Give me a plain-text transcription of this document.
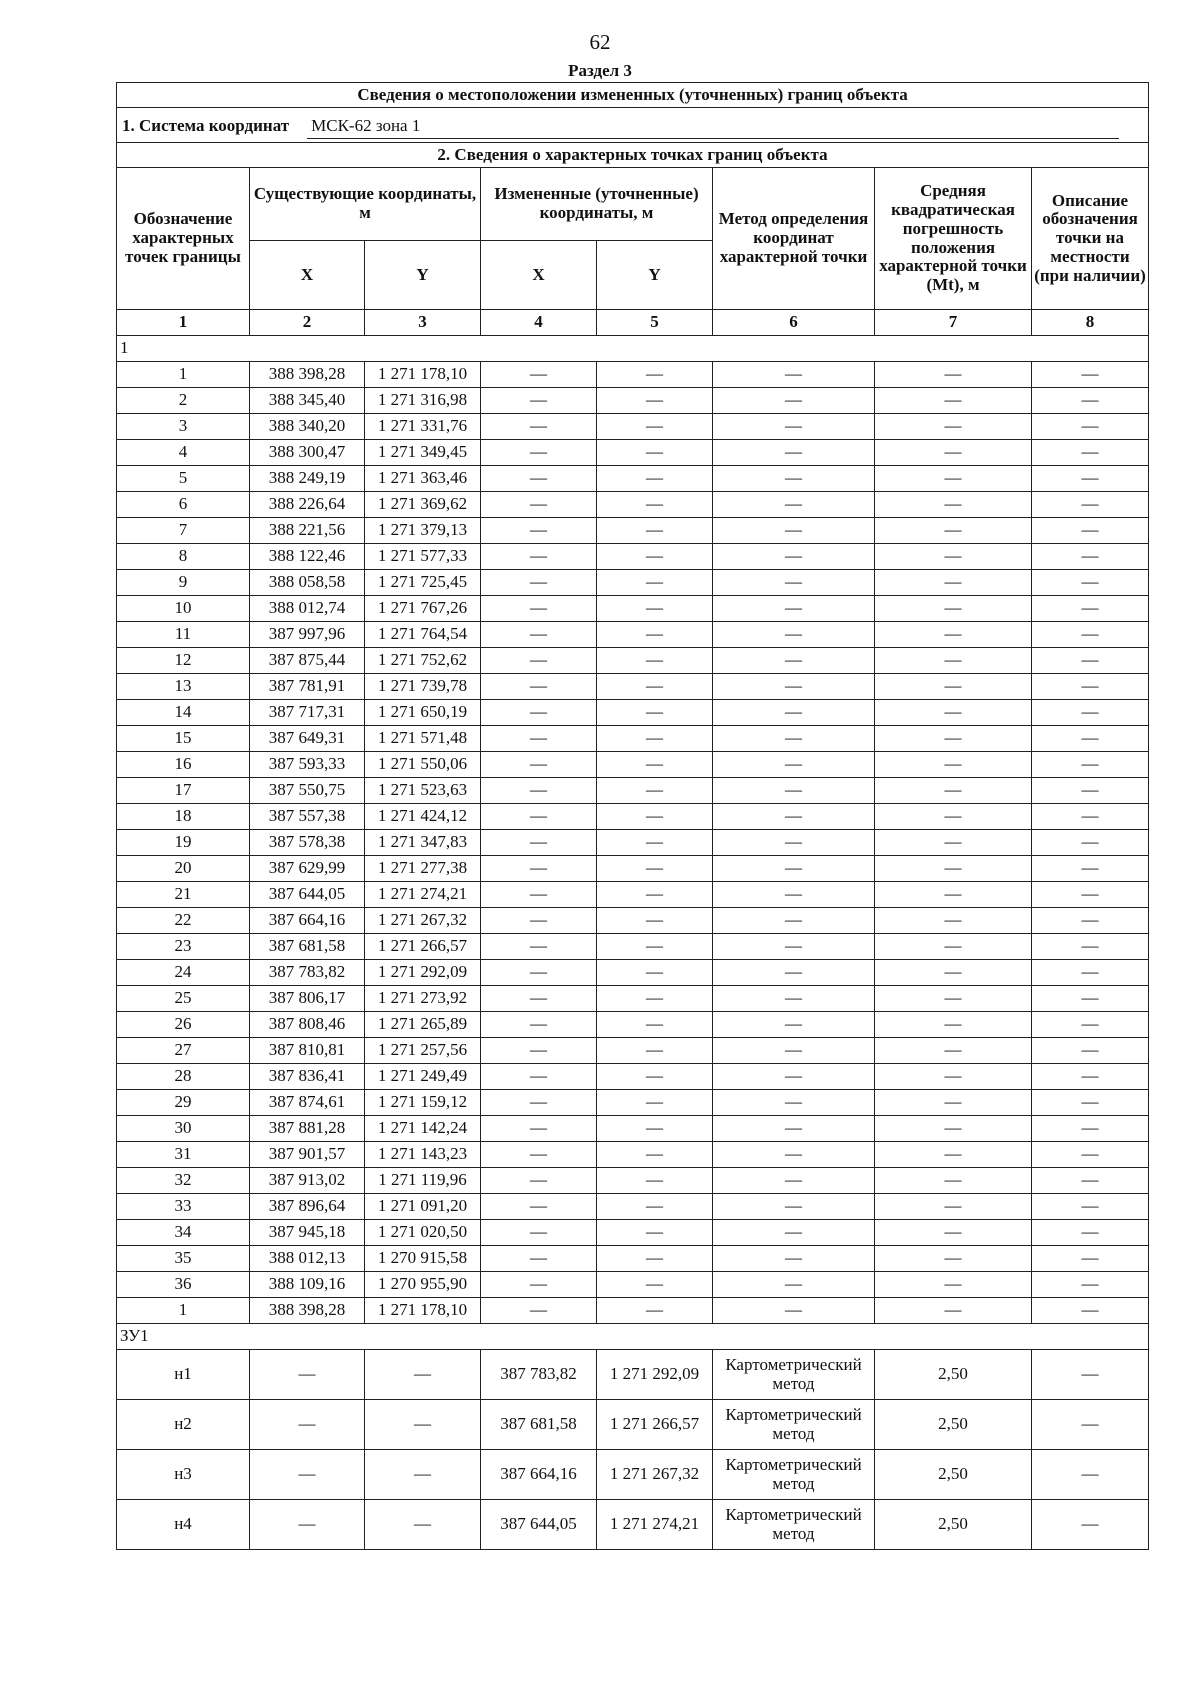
62
Раздел 3
Сведения о местоположении измененных (уточненных) границ объекта							
1. Система координат МСК-62 зона 1							
2. Сведения о характерных точках границ объекта							
Обозначение характерных точек границы	Существующие координаты, м		Измененные (уточненные) координаты, м		Метод определения координат характерной точки	Средняя квадратическая погрешность положения характерной точки (Mt), м	Описание обозначения точки на местности (при наличии)
	X	Y	X	Y			
1	2	3	4	5	6	7	8
1							
1	388 398,28	1 271 178,10	—	—	—	—	—
2	388 345,40	1 271 316,98	—	—	—	—	—
3	388 340,20	1 271 331,76	—	—	—	—	—
4	388 300,47	1 271 349,45	—	—	—	—	—
5	388 249,19	1 271 363,46	—	—	—	—	—
6	388 226,64	1 271 369,62	—	—	—	—	—
7	388 221,56	1 271 379,13	—	—	—	—	—
8	388 122,46	1 271 577,33	—	—	—	—	—
9	388 058,58	1 271 725,45	—	—	—	—	—
10	388 012,74	1 271 767,26	—	—	—	—	—
11	387 997,96	1 271 764,54	—	—	—	—	—
12	387 875,44	1 271 752,62	—	—	—	—	—
13	387 781,91	1 271 739,78	—	—	—	—	—
14	387 717,31	1 271 650,19	—	—	—	—	—
15	387 649,31	1 271 571,48	—	—	—	—	—
16	387 593,33	1 271 550,06	—	—	—	—	—
17	387 550,75	1 271 523,63	—	—	—	—	—
18	387 557,38	1 271 424,12	—	—	—	—	—
19	387 578,38	1 271 347,83	—	—	—	—	—
20	387 629,99	1 271 277,38	—	—	—	—	—
21	387 644,05	1 271 274,21	—	—	—	—	—
22	387 664,16	1 271 267,32	—	—	—	—	—
23	387 681,58	1 271 266,57	—	—	—	—	—
24	387 783,82	1 271 292,09	—	—	—	—	—
25	387 806,17	1 271 273,92	—	—	—	—	—
26	387 808,46	1 271 265,89	—	—	—	—	—
27	387 810,81	1 271 257,56	—	—	—	—	—
28	387 836,41	1 271 249,49	—	—	—	—	—
29	387 874,61	1 271 159,12	—	—	—	—	—
30	387 881,28	1 271 142,24	—	—	—	—	—
31	387 901,57	1 271 143,23	—	—	—	—	—
32	387 913,02	1 271 119,96	—	—	—	—	—
33	387 896,64	1 271 091,20	—	—	—	—	—
34	387 945,18	1 271 020,50	—	—	—	—	—
35	388 012,13	1 270 915,58	—	—	—	—	—
36	388 109,16	1 270 955,90	—	—	—	—	—
1	388 398,28	1 271 178,10	—	—	—	—	—
ЗУ1							
н1	—	—	387 783,82	1 271 292,09	Картометрический метод	2,50	—
н2	—	—	387 681,58	1 271 266,57	Картометрический метод	2,50	—
н3	—	—	387 664,16	1 271 267,32	Картометрический метод	2,50	—
н4	—	—	387 644,05	1 271 274,21	Картометрический метод	2,50	—
